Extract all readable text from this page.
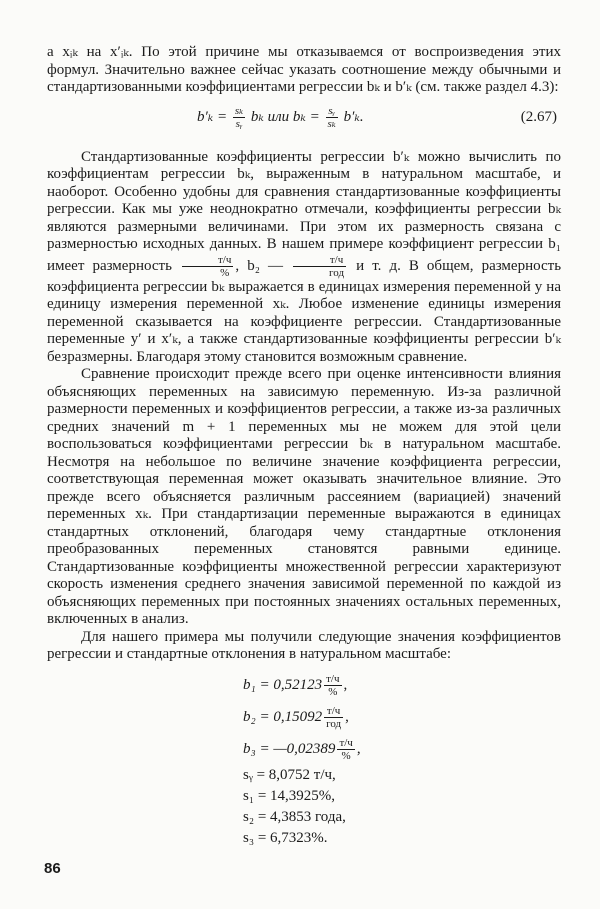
a xᵢₖ на x′ᵢₖ. По этой причине мы отказываемся от воспроизведения этих формул. Значительно важнее сейчас указать соотношение между обычными и стандартизованными коэффициентами регрессии bₖ и b′ₖ (см. также раздел 4.3):

$b'_k = \frac{\text{sₖ}}{\text{sᵧ}}$ bₖ или $b_k = \frac{\text{sᵧ}}{\text{sₖ}} b'_k$.	(2.67)

Стандартизованные коэффициенты регрессии b′ₖ можно вычислить по коэффициентам регрессии bₖ, выраженным в натуральном масштабе, и наоборот. Особенно удобны для сравнения стандартизованные коэффициенты регрессии. Как мы уже неоднократно отмечали, коэффициенты регрессии bₖ являются размерными величинами. При этом их размерность связана с размерностью исходных данных. В нашем примере коэффициент регрессии b₁ имеет размерность $\frac{т/ч}{\%}$ , b₂ — $\frac{т/ч}{\text{год}}$ и т. д. В общем, размерность коэффициента регрессии bₖ выражается в единицах измерения переменной y на единицу измерения переменной xₖ. Любое изменение единицы измерения переменной сказывается на коэффициенте регрессии. Стандартизованные переменные y′ и x′ₖ, а также стандартизованные коэффициенты регрессии b′ₖ безразмерны. Благодаря этому становится возможным сравнение.

Сравнение происходит прежде всего при оценке интенсивности влияния объясняющих переменных на зависимую переменную. Из-за различной размерности переменных и коэффициентов регрессии, а также из-за различных средних значений m + 1 переменных мы не можем для этой цели воспользоваться коэффициентами регрессии bₖ в натуральном масштабе. Несмотря на небольшое по величине значение коэффициента регрессии, соответствующая переменная может оказывать значительное влияние. Это прежде всего объясняется различным рассеянием (вариацией) значений переменных xₖ. При стандартизации переменные выражаются в единицах стандартных отклонений, благодаря чему стандартные отклонения преобразованных переменных становятся равными единице. Стандартизованные коэффициенты множественной регрессии характеризуют скорость изменения среднего значения зависимой переменной по каждой из объясняющих переменных при постоянных значениях остальных переменных, включенных в анализ.

Для нашего примера мы получили следующие значения коэффициентов регрессии и стандартные отклонения в натуральном масштабе:

$b_1 = 0,52123 \frac{т/ч}{\%}$ ,
$b_2 = 0,15092 \frac{т/ч}{\text{год}}$ ,
b₃ = —0,02389 $\frac{т/ч}{\%}$ ,
sᵧ = 8,0752 т/ч,
s₁ = 14,3925%,
s₂ = 4,3853 года,
s₃ = 6,7323%.
86
